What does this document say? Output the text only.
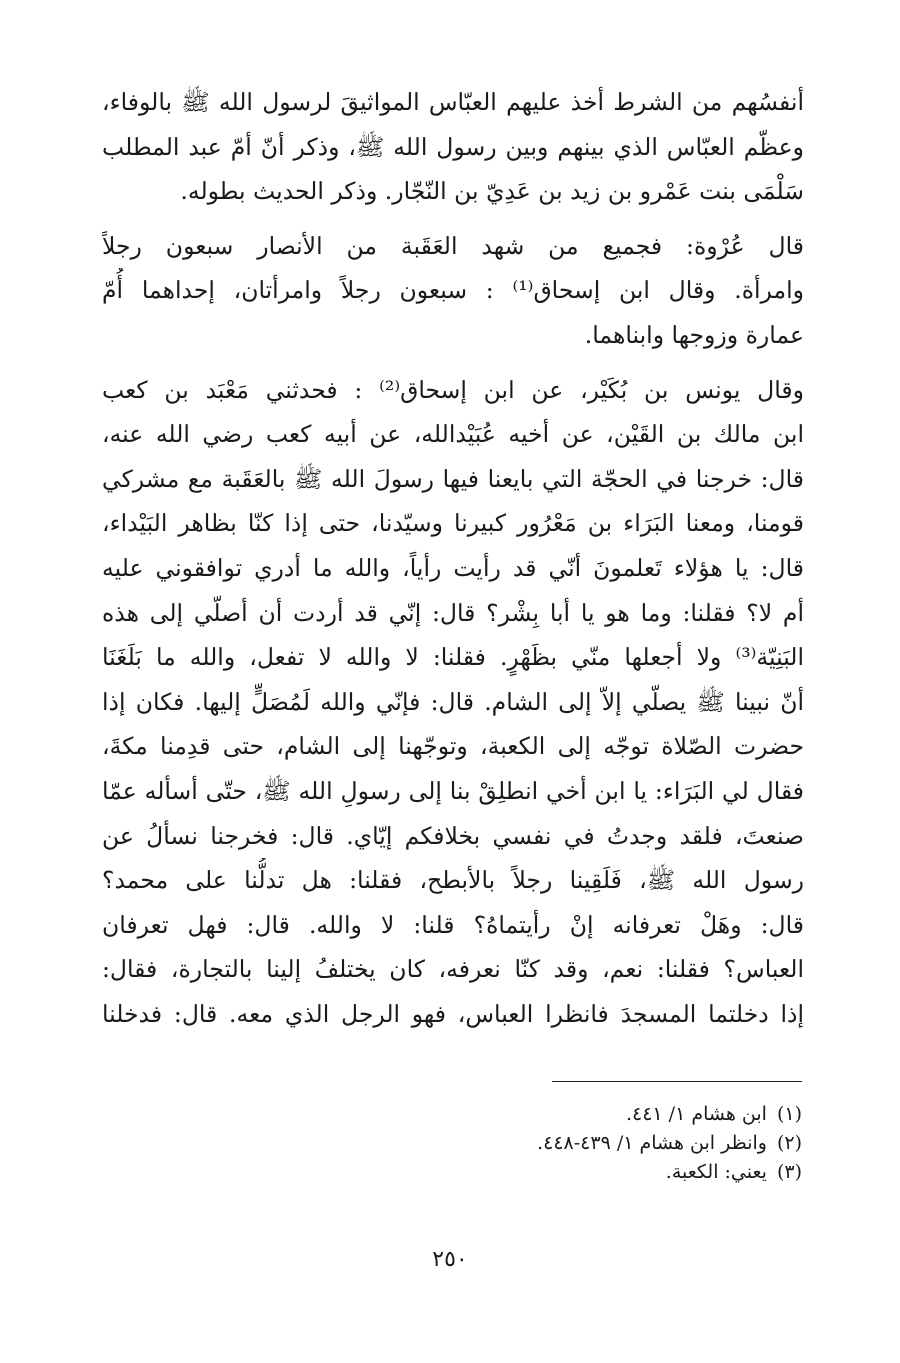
أنفسُهم من الشرط أخذ عليهم العبّاس المواثيقَ لرسول الله ﷺ بالوفاء،
وعظّم العبّاس الذي بينهم وبين رسول الله ﷺ، وذكر أنّ أمّ عبد المطلب
سَلْمَى بنت عَمْرو بن زيد بن عَدِيّ بن النّجّار. وذكر الحديث بطوله.
قال عُرْوة: فجميع من شهد العَقَبة من الأنصار سبعون رجلاً
وامرأة. وقال ابن إسحاق⁽¹⁾ : سبعون رجلاً وامرأتان، إحداهما أُمّ
عمارة وزوجها وابناهما.
وقال يونس بن بُكَيْر، عن ابن إسحاق⁽²⁾ : فحدثني مَعْبَد بن كعب
ابن مالك بن القَيْن، عن أخيه عُبَيْدالله، عن أبيه كعب رضي الله عنه،
قال: خرجنا في الحجّة التي بايعنا فيها رسولَ الله ﷺ بالعَقَبة مع مشركي
قومنا، ومعنا البَرَاء بن مَعْرُور كبيرنا وسيّدنا، حتى إذا كنّا بظاهر البَيْداء،
قال: يا هؤلاء تَعلمونَ أنّي قد رأيت رأياً، والله ما أدري توافقوني عليه
أم لا؟ فقلنا: وما هو يا أبا بِشْر؟ قال: إنّي قد أردت أن أصلّي إلى هذه
البَنِيّة⁽³⁾ ولا أجعلها منّي بظَهْرٍ. فقلنا: لا والله لا تفعل، والله ما بَلَغَنَا
أنّ نبينا ﷺ يصلّي إلاّ إلى الشام. قال: فإنّي والله لَمُصَلٍّ إليها. فكان إذا
حضرت الصّلاة توجّه إلى الكعبة، وتوجّهنا إلى الشام، حتى قدِمنا مكةَ،
فقال لي البَرَاء: يا ابن أخي انطلِقْ بنا إلى رسولِ الله ﷺ، حتّى أسأله عمّا
صنعتَ، فلقد وجدتُ في نفسي بخلافكم إيّاي. قال: فخرجنا نسألُ عن
رسول الله ﷺ، فَلَقِينا رجلاً بالأبطح، فقلنا: هل تدلُّنا على محمد؟
قال: وهَلْ تعرفانه إنْ رأيتماهُ؟ قلنا: لا والله. قال: فهل تعرفان
العباس؟ فقلنا: نعم، وقد كنّا نعرفه، كان يختلفُ إلينا بالتجارة، فقال:
إذا دخلتما المسجدَ فانظرا العباس، فهو الرجل الذي معه. قال: فدخلنا
(١)ابن هشام ١/ ٤٤١.
(٢)وانظر ابن هشام ١/ ٤٣٩-٤٤٨.
(٣)يعني: الكعبة.
٢٥٠
